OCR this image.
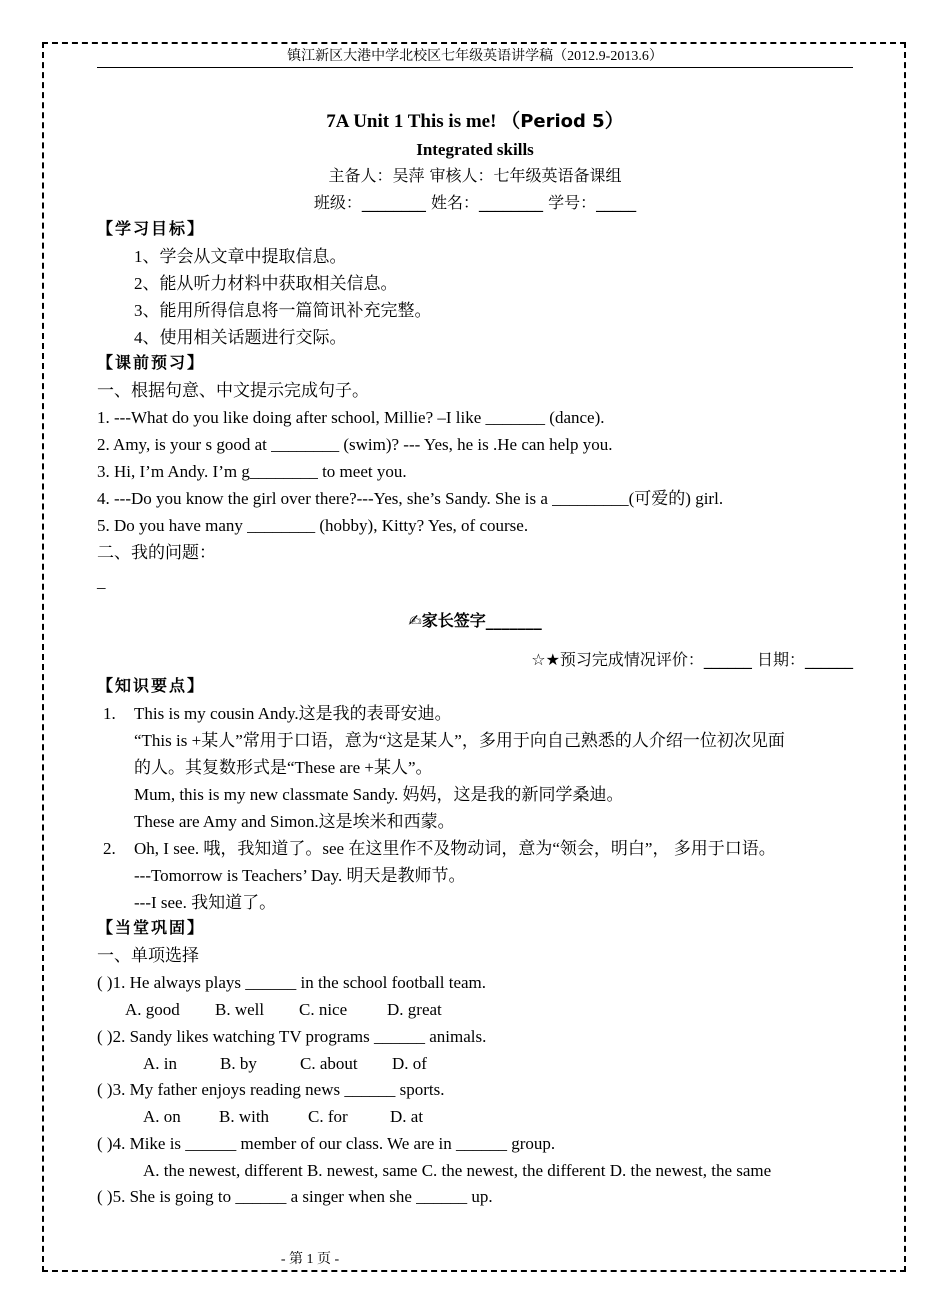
镇江新区大港中学北校区七年级英语讲学稿（2012.9-2013.6）
7A Unit 1 This is me! （Period 5）
Integrated skills
主备人：吴萍 审核人：七年级英语备课组
班级：________ 姓名：________ 学号：_____
【学习目标】
1、学会从文章中提取信息。
2、能从听力材料中获取相关信息。
3、能用所得信息将一篇简讯补充完整。
4、使用相关话题进行交际。
【课前预习】
一、根据句意、中文提示完成句子。
1. ---What do you like doing after school, Millie? –I like _______ (dance).
2. Amy, is your s good at ________ (swim)? --- Yes, he is .He can help you.
3. Hi, I’m Andy. I’m g________ to meet you.
4. ---Do you know the girl over there?---Yes, she’s Sandy. She is a _________(可爱的) girl.
5. Do you have many ________ (hobby), Kitty? Yes, of course.
二、我的问题：
_
✍家长签字_______
☆★预习完成情况评价：______ 日期：______
【知识要点】
1. This is my cousin Andy.这是我的表哥安迪。
“This is +某人”常用于口语，意为“这是某人”，多用于向自己熟悉的人介绍一位初次见面
的人。其复数形式是“These are +某人”。
Mum, this is my new classmate Sandy. 妈妈，这是我的新同学桑迪。
These are Amy and Simon.这是埃米和西蒙。
2. Oh, I see. 哦，我知道了。see 在这里作不及物动词，意为“领会，明白”， 多用于口语。
---Tomorrow is Teachers’ Day. 明天是教师节。
---I see. 我知道了。
【当堂巩固】
一、单项选择
( )1. He always plays ______ in the school football team.
A. good B. well C. nice D. great
( )2. Sandy likes watching TV programs ______ animals.
A. in	B. by	C. about D. of
( )3. My father enjoys reading news ______ sports.
A. on B. with C. for D. at
( )4. Mike is ______ member of our class. We are in ______ group.
A. the newest, different B. newest, same C. the newest, the different D. the newest, the same
( )5. She is going to ______ a singer when she ______ up.
- 第 1 页 -
